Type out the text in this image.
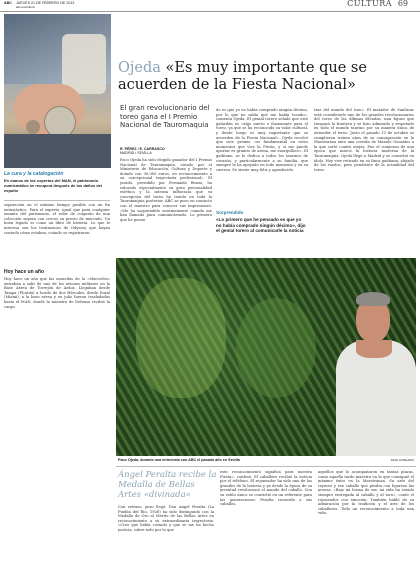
ABC JUEVES 21 DE FEBRERO DE 2013
abc.es/cultura	CULTURA 69
La cura y la catalogación
En manos de los expertos del MAN, el patrimonio numismático se recupera después de los daños del expolio
separación en el mínimo tiempo posible con un fin entusiástico. Para el experto, igual que para cualquier amante del patrimonio, el valor de conjunto de una colección supera con creces su precio de mercado. Un buen legado es como un libro de historia. Lo que le interesa son los testimonios de Odyssey que hayan contado cómo estaban, cuándo se registraron.
Hoy hace un año
Hoy hace un año que las monedas de la «Mercedes» entraban a salir de uno de los aviones militares en la Base Aérea de Torrejón de Ardoz. Llegaban desde Tampa (Florida) a bordo de dos Hércules, desde Doral (Miami), a la base aérea y en julio fueron trasladadas hasta el MAN, donde la ministra de Defensa recibió la carga.
Ojeda «Es muy importante que se acuerden de la Fiesta Nacional»
El gran revolucionario del toreo gana el I Premio Nacional de Tauromaquia
R. PÉREZ / E. CARRASCO
MADRID / SEVILLA
Paco Ojeda ha sido elegido ganador del I Premio Nacional de Tauromaquia, creado por el Ministerio de Educación, Cultura y Deporte y dotado con 30.000 euros, en reconocimiento a su «excepcional trayectoria profesional». El jurado, presidido por Fernando Benzo, ha valorado especialmente su gran personalidad estética y la intensa influencia que su concepción del toreo ha tenido en toda la Tauromaquia posterior. ABC se puso en contacto con el maestro para conocer sus impresiones: «Me ha sorprendido enormemente cuando me han llamado para comunicármelo. Lo primero que he pensa-
do es que yo no había comprado ningún décimo, por lo que no sabía qué me había tocado», comenta Ojeda. El genial torero señaló que este galardón es «algo nuevo e ilusionante para el toreo, ya que se ha reconocido su valor cultural, y desde luego es muy importante que se acuerden de la Fiesta Nacional». Ojeda recalcó que este premio «es fundamental en estos momentos que vive la Fiesta, y sí me puede aportar es granito de arena, me enorgullece». El gaditano, se lo dedica a todos los taurinos de corazón, y particularmente a su familia, que siempre le ha apoyado en todo momento y en su carrera. Se siente muy feliz y agradecido.
tras del mundo del toro». El matador de Sanlúcar está considerado uno de los grandes revolucionarios del toreo de las últimas décadas, una figura que traspasó la frontera y se hizo admirado y respetado en todo el mundo taurino por su manera única de entender el toreo. Justo el pasado 12 de octubre se cumplieron treinta años de su consagración en la Maestranza ante una corrida de Manolo González a la que cortó cuatro orejas. Fue el comienzo de una época que marcó la historia moderna de la Tauromaquia. Ojeda llegó a Madrid y se convirtió en ídolo. Hoy vive retirado en su finca gaditana, alejado de los ruedos, pero pendiente de la actualidad del toreo.
Sorprendido
«Lo primero que he pensado es que yo no había comprado ningún décimo», dijo el genial torero al comunicarle la noticia
Paco Ojeda, durante una entrevista con ABC el pasado año en Sevilla	RAÚL DOBLADO
Ángel Peralta recibe la Medalla de Bellas Artes «divinada»
Con retraso, pero llegó. Don Ángel Peralta (La Puebla del Río, 1926) ha sido distinguido con la Medalla de Oro al Mérito de las Bellas Artes en reconocimiento a su extraordinaria trayectoria. «Creo que había costado y que se me ha hecho justicia, sobre todo por lo que
este reconocimiento significa para nuestra Fiesta», confesó. El caballero recibió la noticia por el teléfono. El rejoneador ha sido uno de los grandes de la historia y ya desde la época de su juventud revolucionó el mundo del caballo. Con su estilo único se convirtió en un referente para las generaciones. Peralta recuerda a sus caballos.
aquellos que lo acompañaron en tantas plazas, como aquella tarde maestra en la que consiguió el máximo éxito en la Maestranza. Su arte del rejoneo y ese caballo que pisaba con ligereza las arenas. «Bajo mi forma de ser, mi vida ha estado siempre entregada al caballo y al toro», contó el rejoneador con emoción. También habló de su admiración por la tradición y el arte de los caballeros. Todo un reconocimiento a toda una vida.
